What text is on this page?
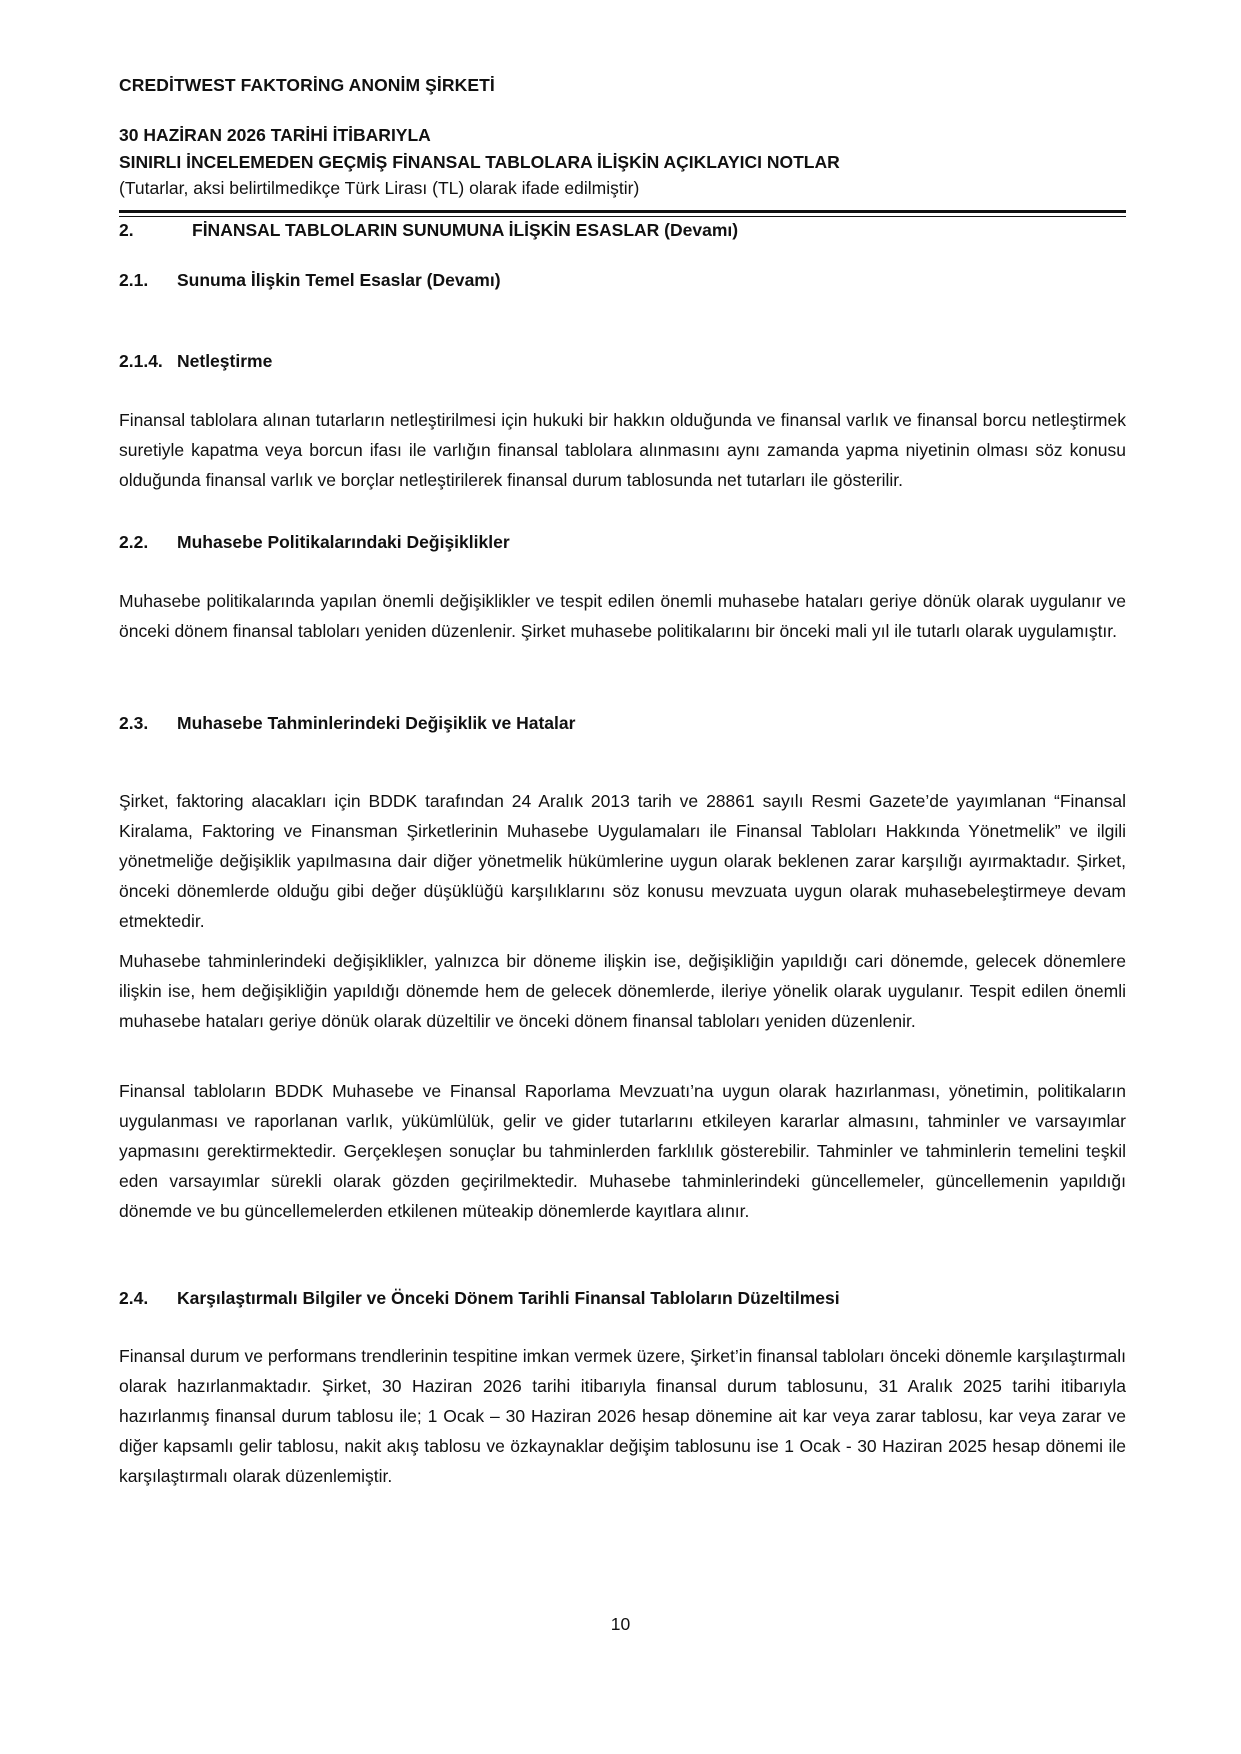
CREDİTWEST FAKTORİNG ANONİM ŞİRKETİ
30 HAZİRAN 2026 TARİHİ İTİBARIYLA
SINIRLI İNCELEMEDEN GEÇMİŞ FİNANSAL TABLOLARA İLİŞKİN AÇIKLAYICI NOTLAR
(Tutarlar, aksi belirtilmedikçe Türk Lirası (TL) olarak ifade edilmiştir)
2.	FİNANSAL TABLOLARIN SUNUMUNA İLİŞKİN ESASLAR (Devamı)
2.1. Sunuma İlişkin Temel Esaslar (Devamı)
2.1.4. Netleştirme
Finansal tablolara alınan tutarların netleştirilmesi için hukuki bir hakkın olduğunda ve finansal varlık ve finansal borcu netleştirmek suretiyle kapatma veya borcun ifası ile varlığın finansal tablolara alınmasını aynı zamanda yapma niyetinin olması söz konusu olduğunda finansal varlık ve borçlar netleştirilerek finansal durum tablosunda net tutarları ile gösterilir.
2.2. Muhasebe Politikalarındaki Değişiklikler
Muhasebe politikalarında yapılan önemli değişiklikler ve tespit edilen önemli muhasebe hataları geriye dönük olarak uygulanır ve önceki dönem finansal tabloları yeniden düzenlenir. Şirket muhasebe politikalarını bir önceki mali yıl ile tutarlı olarak uygulamıştır.
2.3. Muhasebe Tahminlerindeki Değişiklik ve Hatalar
Şirket, faktoring alacakları için BDDK tarafından 24 Aralık 2013 tarih ve 28861 sayılı Resmi Gazete’de yayımlanan “Finansal Kiralama, Faktoring ve Finansman Şirketlerinin Muhasebe Uygulamaları ile Finansal Tabloları Hakkında Yönetmelik” ve ilgili yönetmeliğe değişiklik yapılmasına dair diğer yönetmelik hükümlerine uygun olarak beklenen zarar karşılığı ayırmaktadır. Şirket, önceki dönemlerde olduğu gibi değer düşüklüğü karşılıklarını söz konusu mevzuata uygun olarak muhasebeleştirmeye devam etmektedir.
Muhasebe tahminlerindeki değişiklikler, yalnızca bir döneme ilişkin ise, değişikliğin yapıldığı cari dönemde, gelecek dönemlere ilişkin ise, hem değişikliğin yapıldığı dönemde hem de gelecek dönemlerde, ileriye yönelik olarak uygulanır. Tespit edilen önemli muhasebe hataları geriye dönük olarak düzeltilir ve önceki dönem finansal tabloları yeniden düzenlenir.
Finansal tabloların BDDK Muhasebe ve Finansal Raporlama Mevzuatı’na uygun olarak hazırlanması, yönetimin, politikaların uygulanması ve raporlanan varlık, yükümlülük, gelir ve gider tutarlarını etkileyen kararlar almasını, tahminler ve varsayımlar yapmasını gerektirmektedir. Gerçekleşen sonuçlar bu tahminlerden farklılık gösterebilir. Tahminler ve tahminlerin temelini teşkil eden varsayımlar sürekli olarak gözden geçirilmektedir. Muhasebe tahminlerindeki güncellemeler, güncellemenin yapıldığı dönemde ve bu güncellemelerden etkilenen müteakip dönemlerde kayıtlara alınır.
2.4. Karşılaştırmalı Bilgiler ve Önceki Dönem Tarihli Finansal Tabloların Düzeltilmesi
Finansal durum ve performans trendlerinin tespitine imkan vermek üzere, Şirket’in finansal tabloları önceki dönemle karşılaştırmalı olarak hazırlanmaktadır. Şirket, 30 Haziran 2026 tarihi itibarıyla finansal durum tablosunu, 31 Aralık 2025 tarihi itibarıyla hazırlanmış finansal durum tablosu ile; 1 Ocak – 30 Haziran 2026 hesap dönemine ait kar veya zarar tablosu, kar veya zarar ve diğer kapsamlı gelir tablosu, nakit akış tablosu ve özkaynaklar değişim tablosunu ise 1 Ocak - 30 Haziran 2025 hesap dönemi ile karşılaştırmalı olarak düzenlemiştir.
10
